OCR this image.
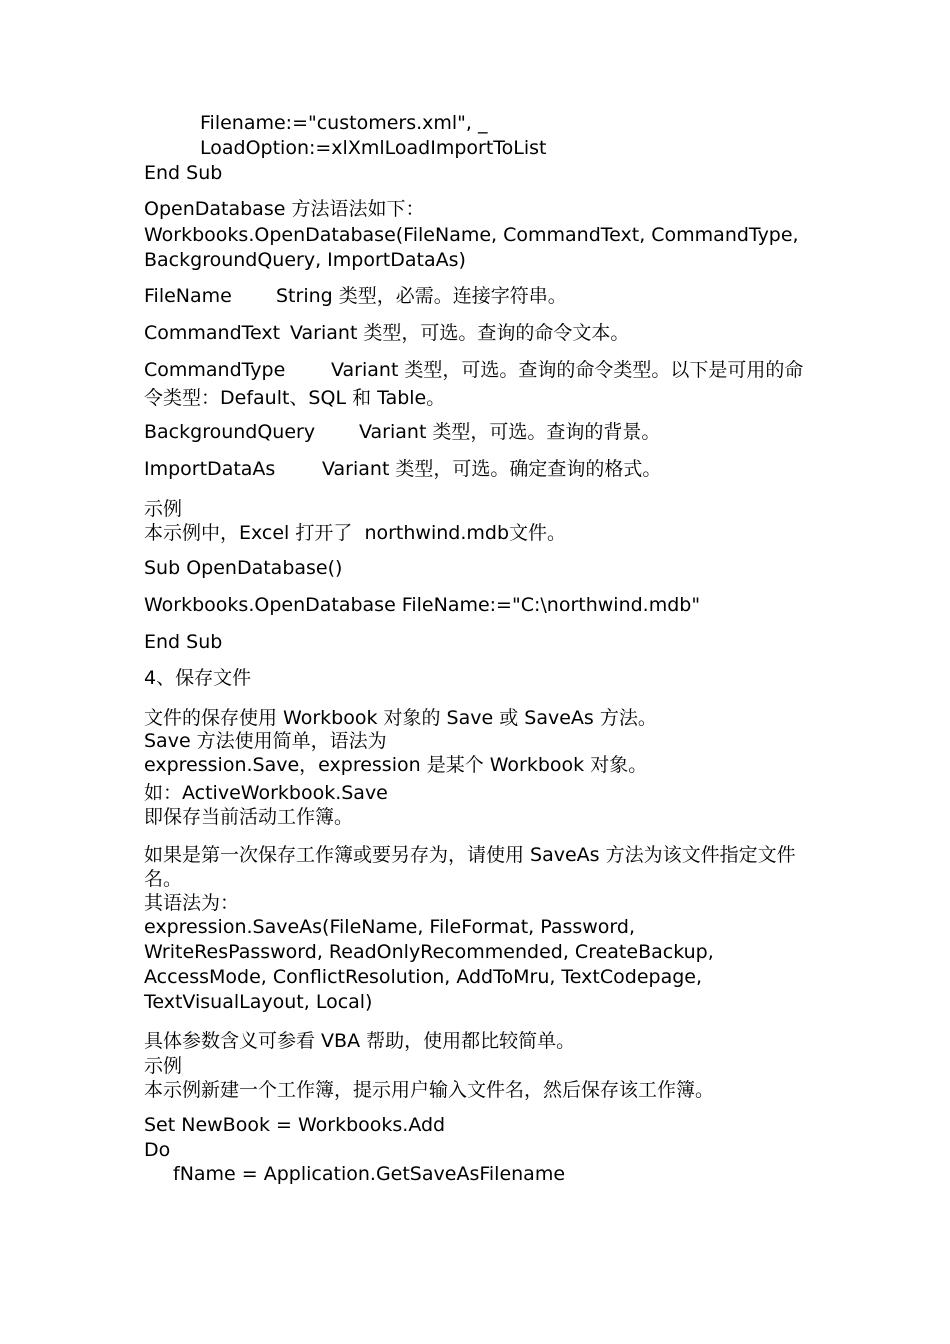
Filename:="customers.xml", _
LoadOption:=xlXmlLoadImportToList
End Sub
OpenDatabase 方法语法如下：
Workbooks.OpenDatabase(FileName, CommandText, CommandType,
BackgroundQuery, ImportDataAs)
FileName String 类型，必需。连接字符串。
CommandText Variant 类型，可选。查询的命令文本。
CommandType Variant 类型，可选。查询的命令类型。以下是可用的命
令类型：Default、SQL 和 Table。
BackgroundQuery Variant 类型，可选。查询的背景。
ImportDataAs Variant 类型，可选。确定查询的格式。
示例
本示例中，Excel 打开了  northwind.mdb文件。
Sub OpenDatabase()
Workbooks.OpenDatabase FileName:="C:\northwind.mdb"
End Sub
4、保存文件
文件的保存使用 Workbook 对象的 Save 或 SaveAs 方法。
Save 方法使用简单，语法为
expression.Save，expression 是某个 Workbook 对象。
如：ActiveWorkbook.Save
即保存当前活动工作簿。
如果是第一次保存工作簿或要另存为，请使用 SaveAs 方法为该文件指定文件
名。
其语法为：
expression.SaveAs(FileName, FileFormat, Password,
WriteResPassword, ReadOnlyRecommended, CreateBackup,
AccessMode, ConflictResolution, AddToMru, TextCodepage,
TextVisualLayout, Local)
具体参数含义可参看 VBA 帮助，使用都比较简单。
示例
本示例新建一个工作簿，提示用户输入文件名，然后保存该工作簿。
Set NewBook = Workbooks.Add
Do
fName = Application.GetSaveAsFilename
